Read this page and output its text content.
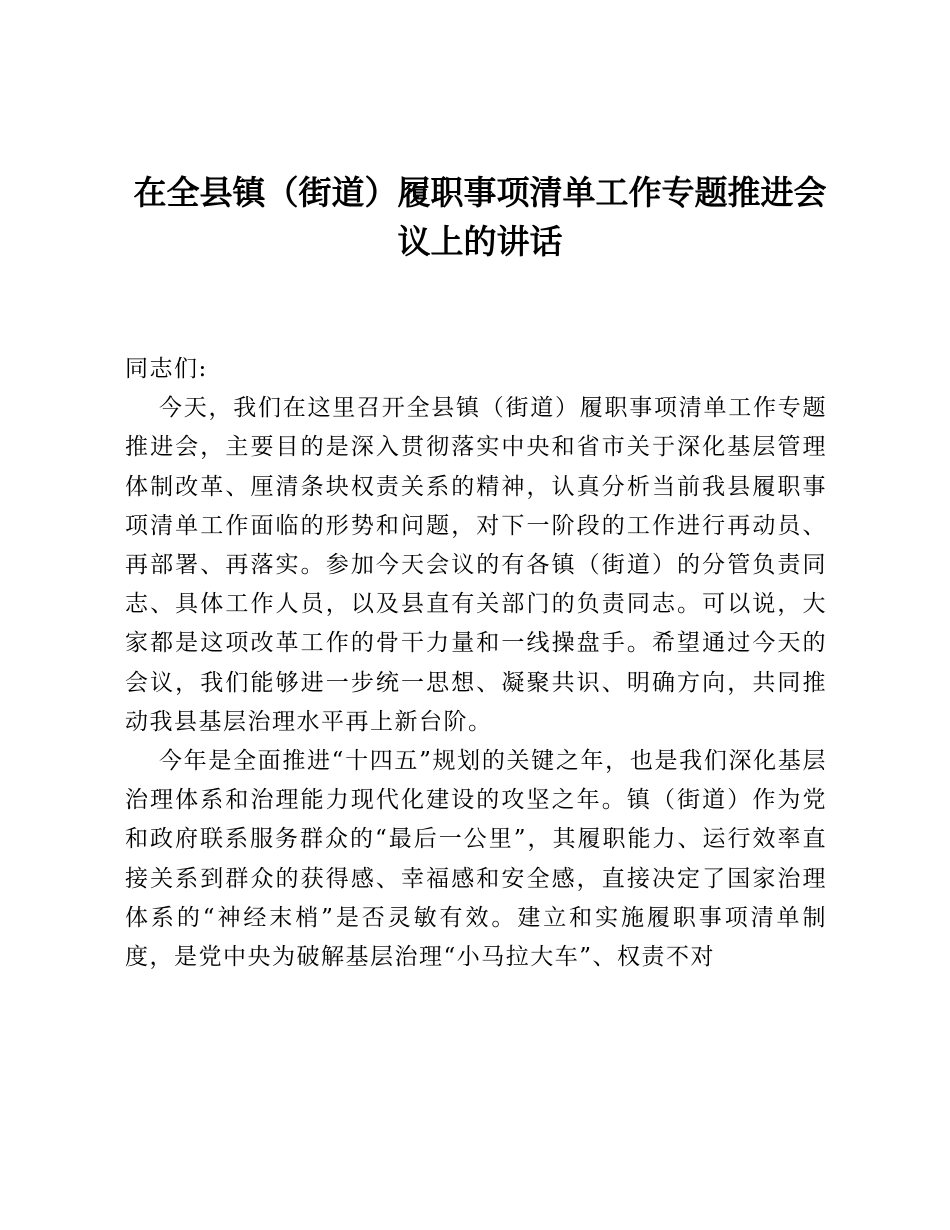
在全县镇（街道）履职事项清单工作专题推进会议上的讲话

同志们:

今天，我们在这里召开全县镇（街道）履职事项清单工作专题推进会，主要目的是深入贯彻落实中央和省市关于深化基层管理体制改革、厘清条块权责关系的精神，认真分析当前我县履职事项清单工作面临的形势和问题，对下一阶段的工作进行再动员、再部署、再落实。参加今天会议的有各镇（街道）的分管负责同志、具体工作人员，以及县直有关部门的负责同志。可以说，大家都是这项改革工作的骨干力量和一线操盘手。希望通过今天的会议，我们能够进一步统一思想、凝聚共识、明确方向，共同推动我县基层治理水平再上新台阶。

今年是全面推进“十四五”规划的关键之年，也是我们深化基层治理体系和治理能力现代化建设的攻坚之年。镇（街道）作为党和政府联系服务群众的“最后一公里”，其履职能力、运行效率直接关系到群众的获得感、幸福感和安全感，直接决定了国家治理体系的“神经末梢”是否灵敏有效。建立和实施履职事项清单制度，是党中央为破解基层治理“小马拉大车”、权责不对
